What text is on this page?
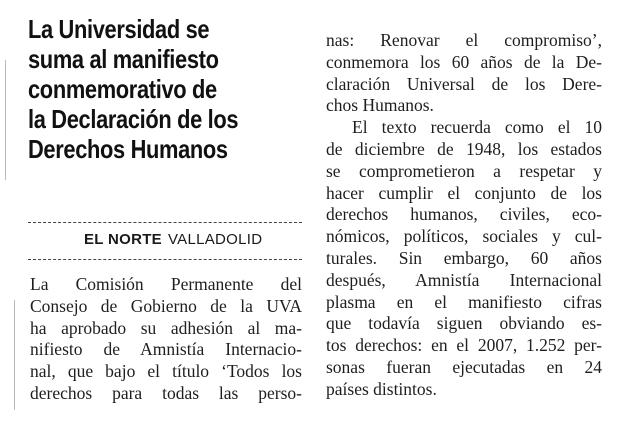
La Universidad se
suma al manifiesto
conmemorativo de
la Declaración de los
Derechos Humanos
EL NORTE VALLADOLID
La Comisión Permanente del
Consejo de Gobierno de la UVA
ha aprobado su adhesión al ma-
nifiesto de Amnistía Internacio-
nal, que bajo el título ‘Todos los
derechos para todas las perso-
nas: Renovar el compromiso’,
conmemora los 60 años de la De-
claración Universal de los Dere-
chos Humanos.
El texto recuerda como el 10
de diciembre de 1948, los estados
se comprometieron a respetar y
hacer cumplir el conjunto de los
derechos humanos, civiles, eco-
nómicos, políticos, sociales y cul-
turales. Sin embargo, 60 años
después, Amnistía Internacional
plasma en el manifiesto cifras
que todavía siguen obviando es-
tos derechos: en el 2007, 1.252 per-
sonas fueran ejecutadas en 24
países distintos.
